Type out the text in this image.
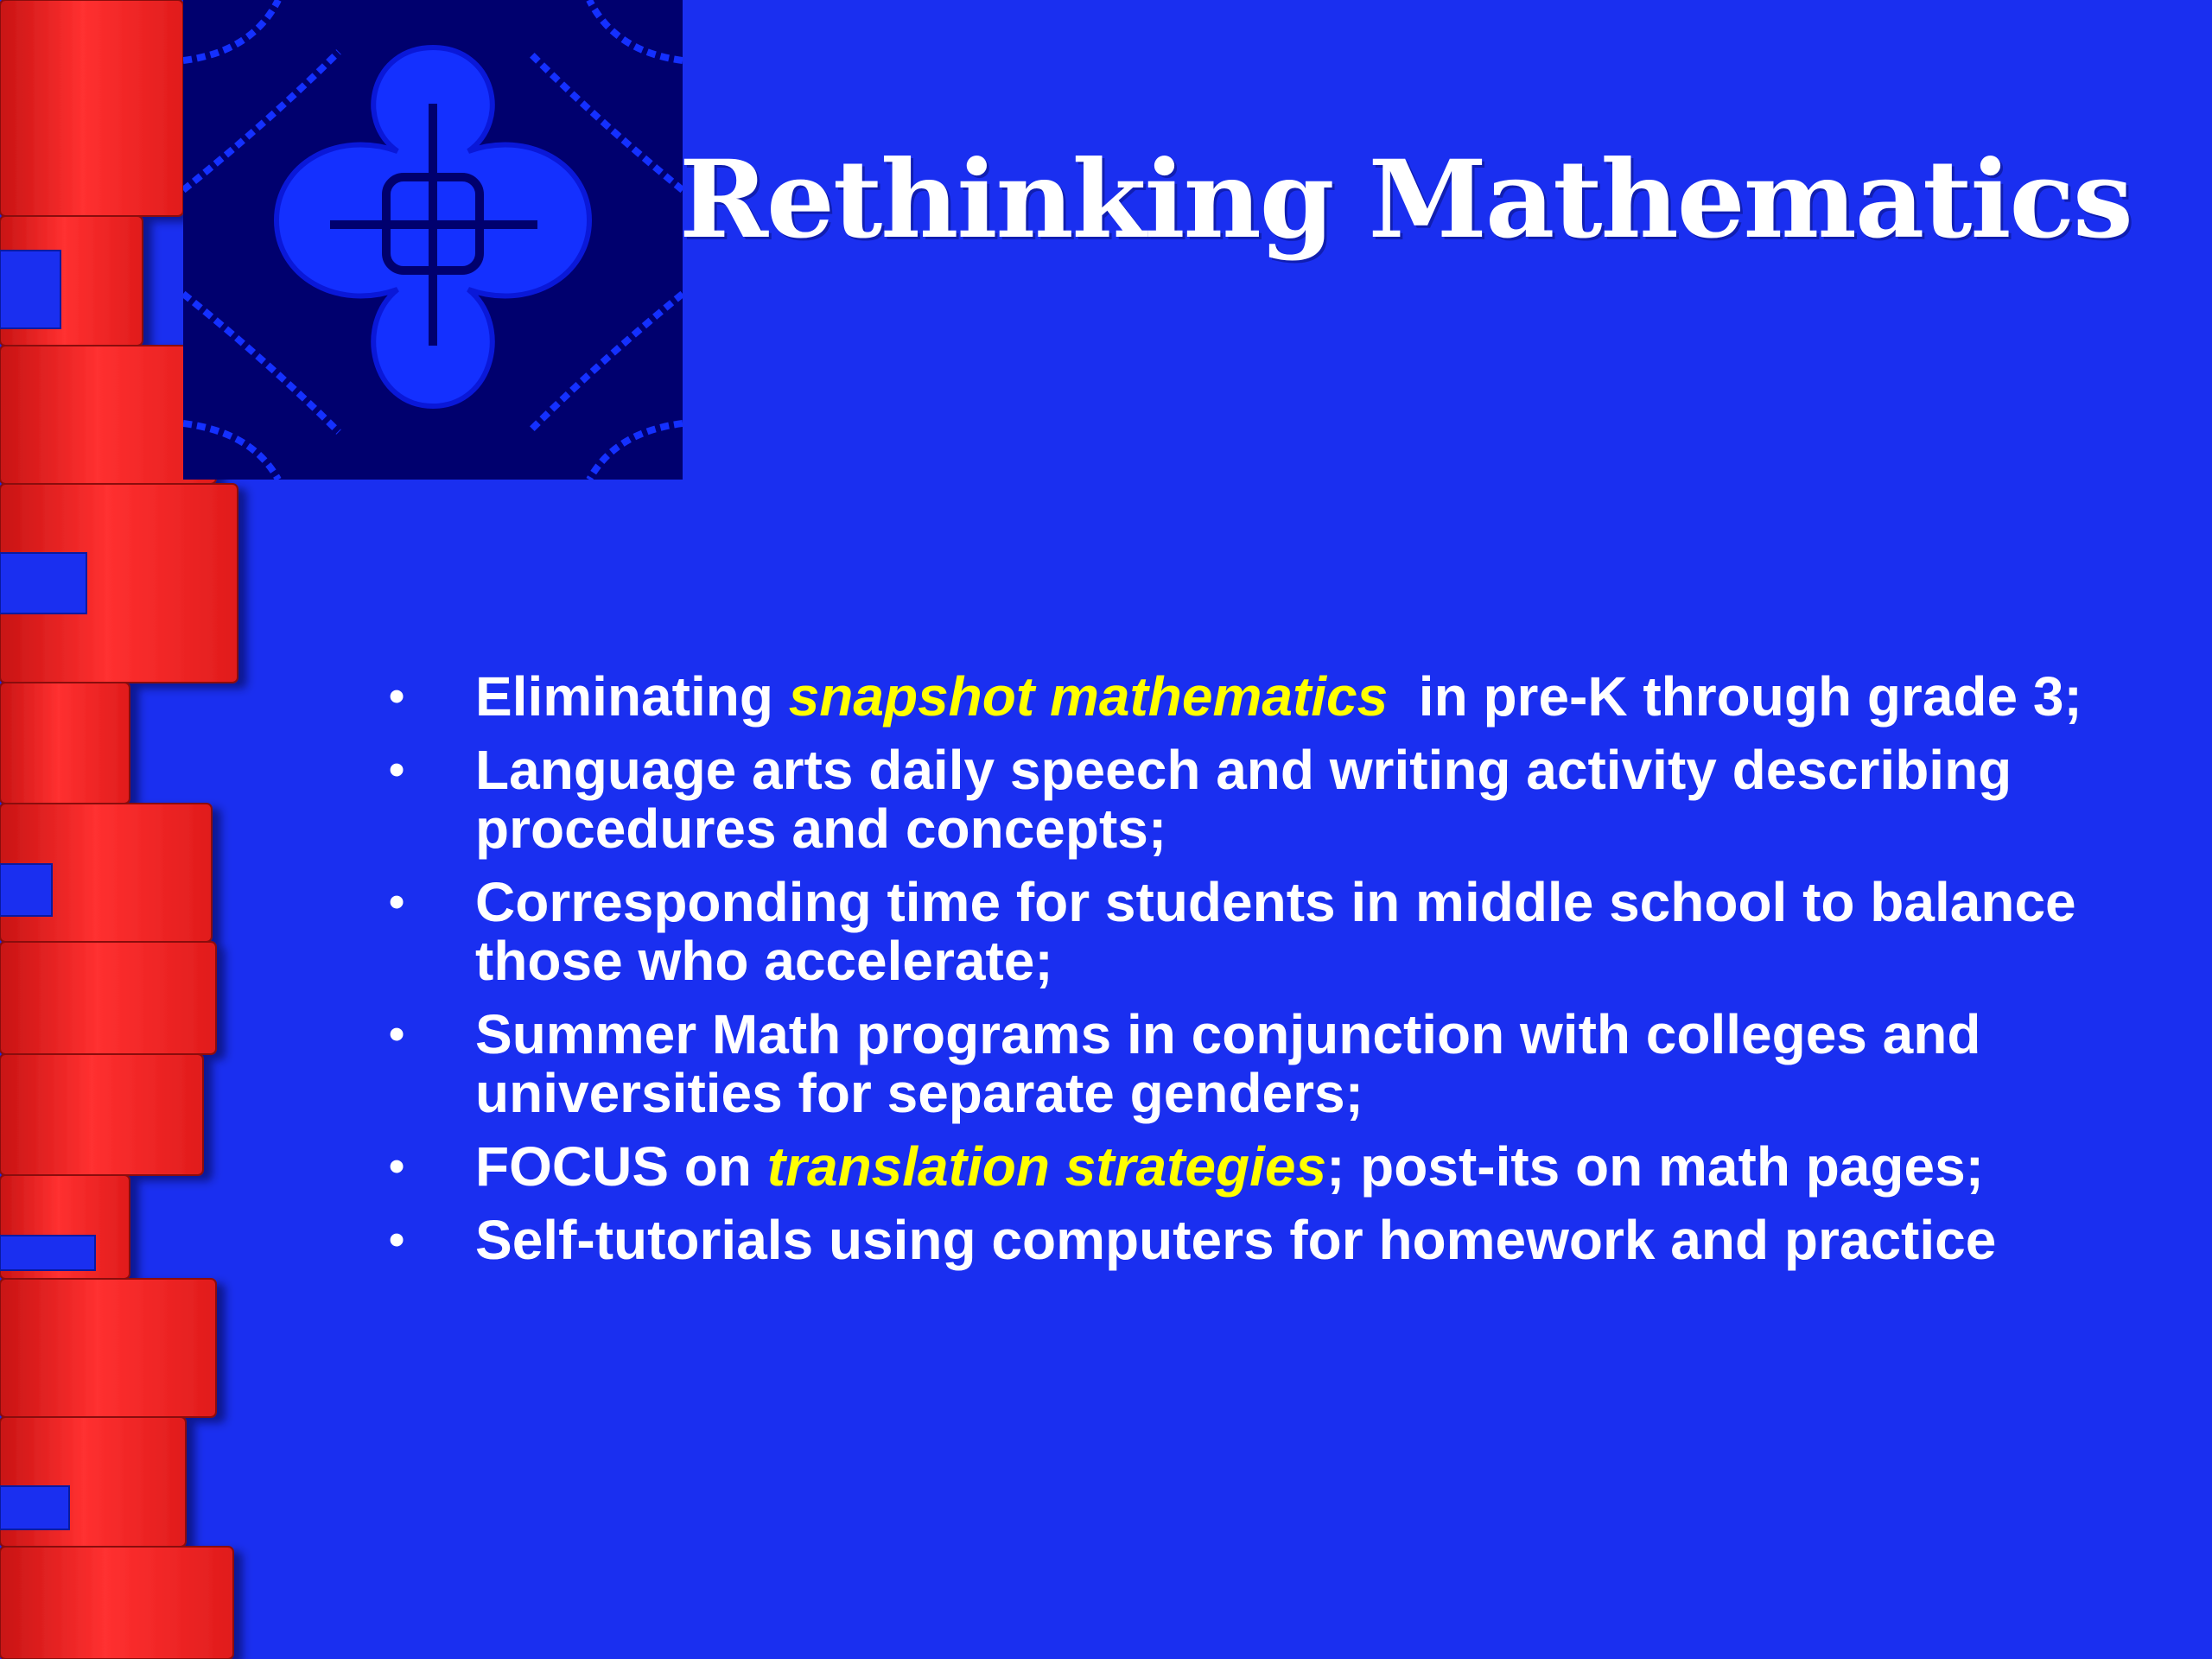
Rethinking Mathematics
• Eliminating snapshot mathematics  in pre-K through grade 3;
• Language arts daily speech and writing activity describing procedures and concepts;
• Corresponding time for students in middle school to balance those who accelerate;
• Summer Math programs in conjunction with colleges and universities for separate genders;
• FOCUS on translation strategies; post-its on math pages;
• Self-tutorials using computers for homework and practice
